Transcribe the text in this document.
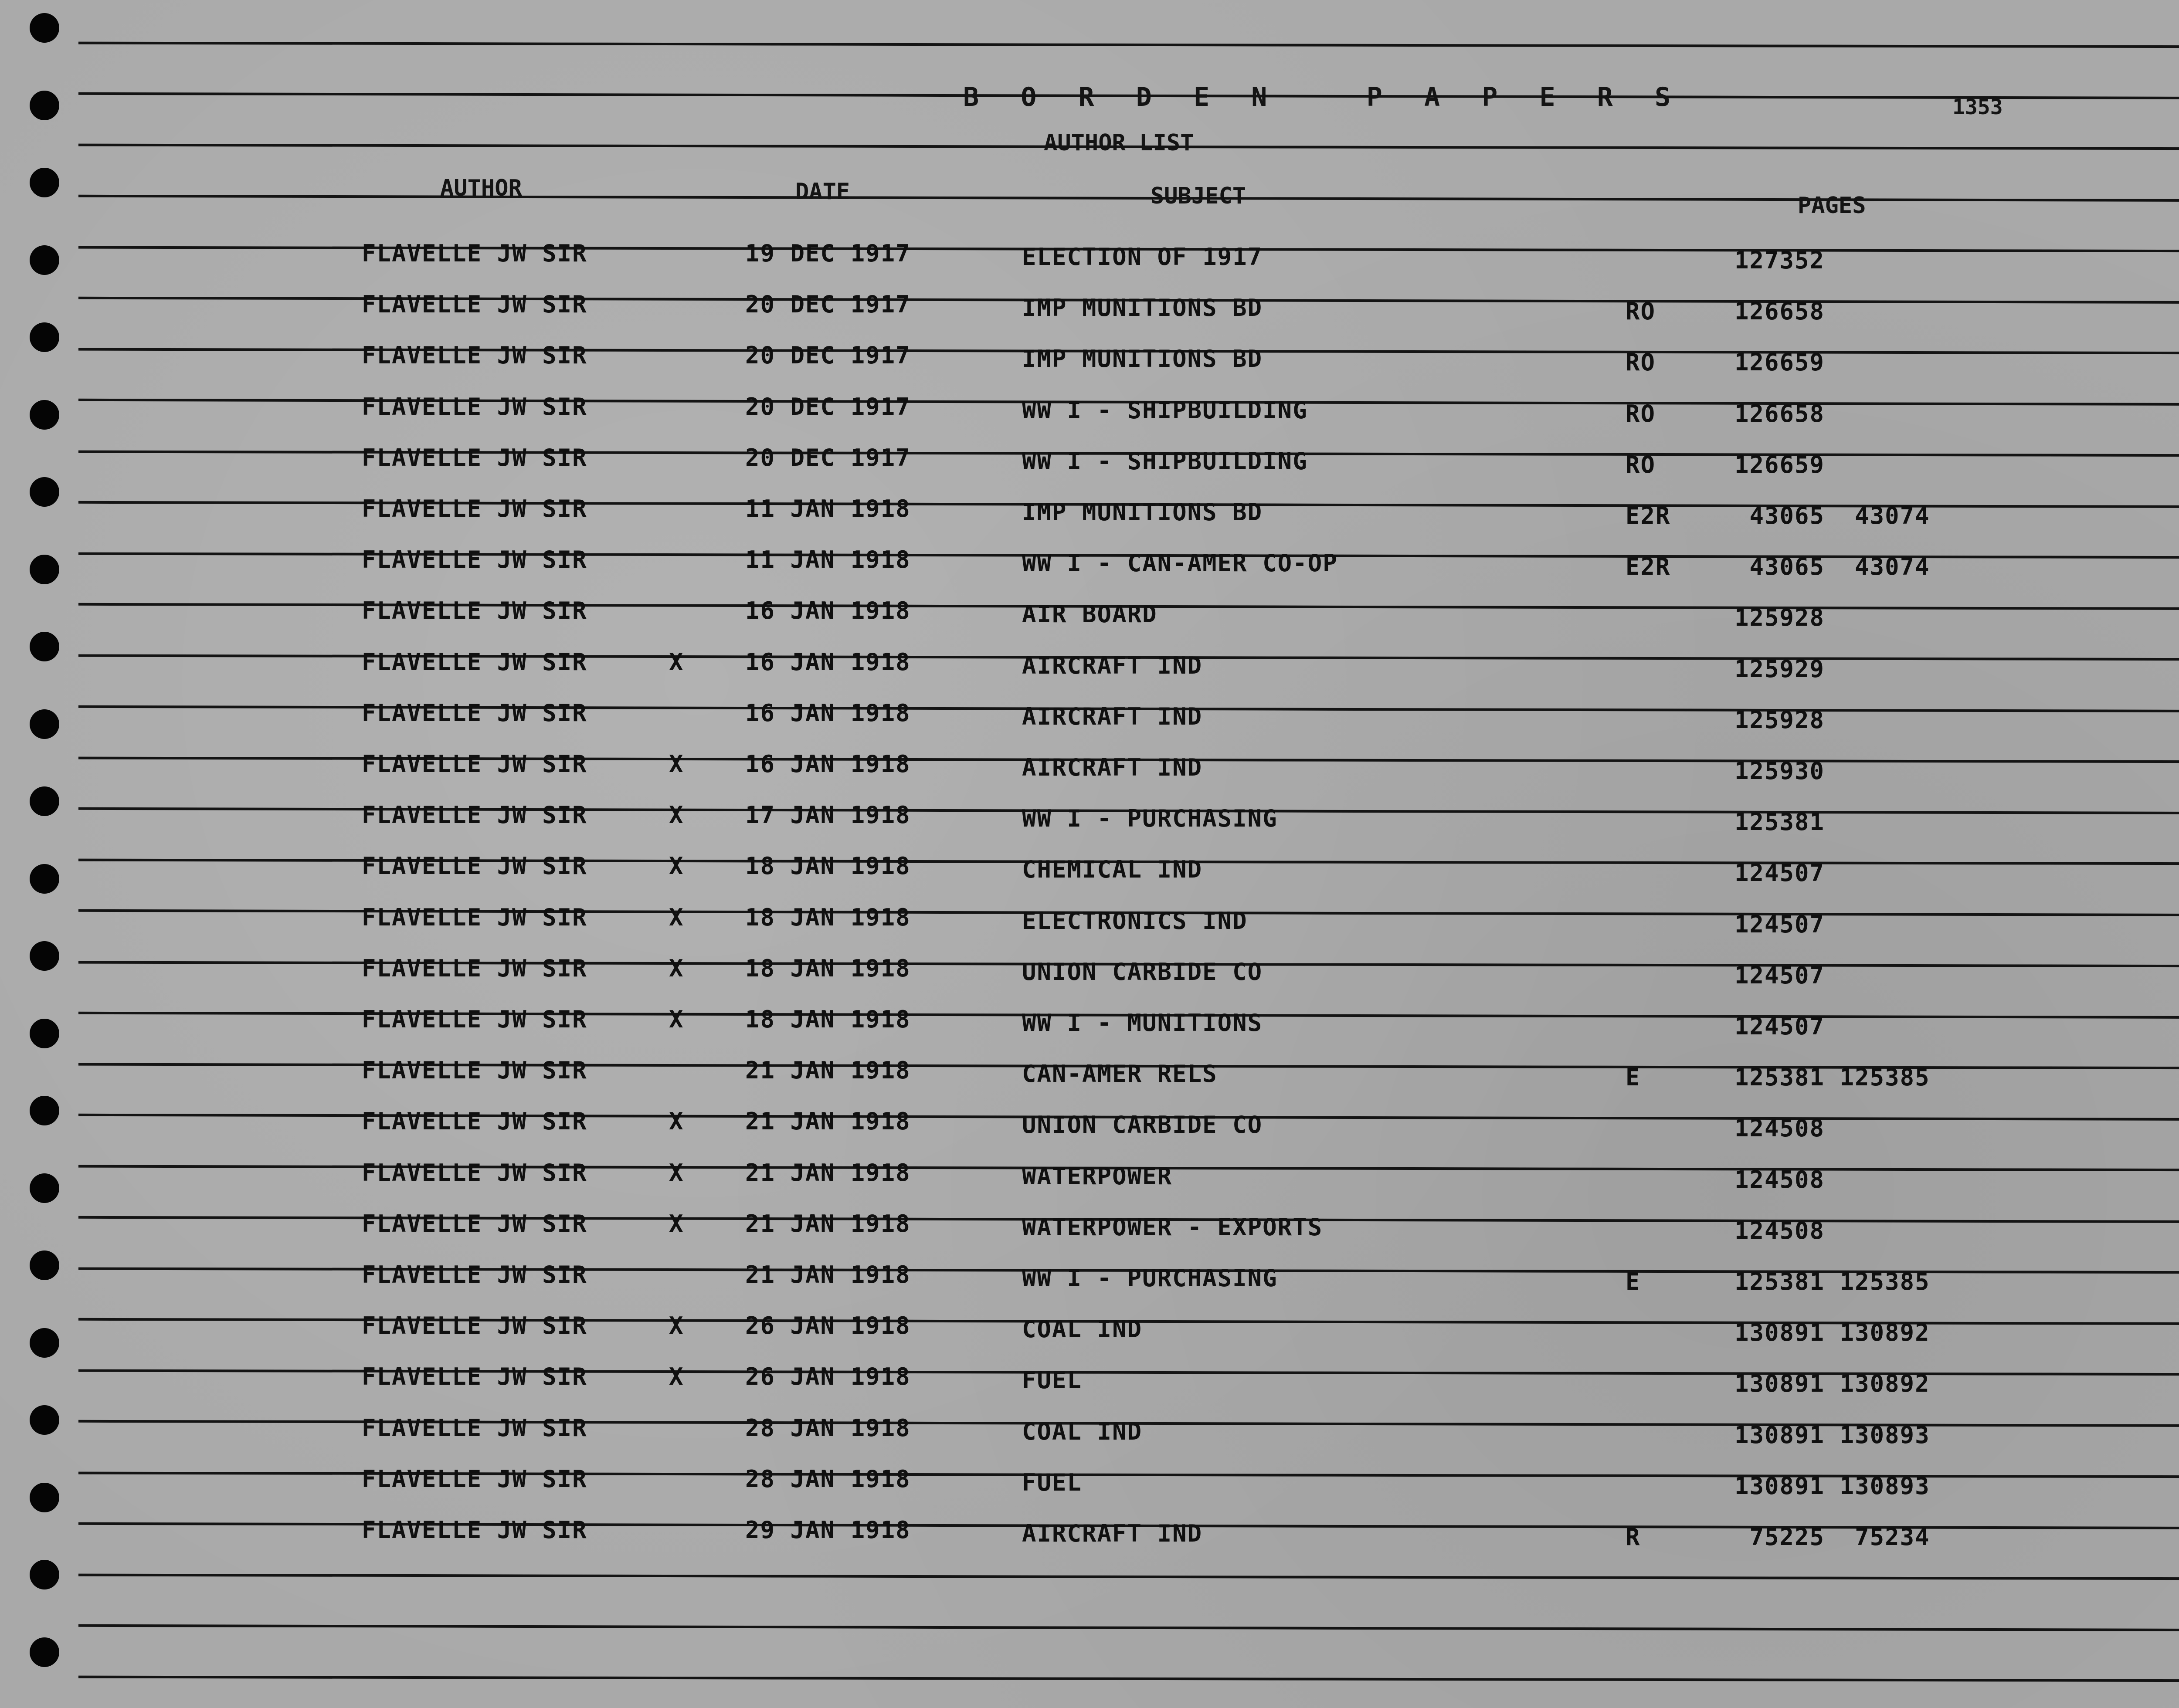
B O R D E N   P A P E R S	1353
AUTHOR LIST
AUTHOR	DATE	SUBJECT	PAGES
FLAVELLE JW SIR	19 DEC 1917	ELECTION OF 1917	127352
FLAVELLE JW SIR	20 DEC 1917	IMP MUNITIONS BD	RO	126658
FLAVELLE JW SIR	20 DEC 1917	IMP MUNITIONS BD	RO	126659
FLAVELLE JW SIR	20 DEC 1917	WW I - SHIPBUILDING	RO	126658
FLAVELLE JW SIR	20 DEC 1917	WW I - SHIPBUILDING	RO	126659
FLAVELLE JW SIR	11 JAN 1918	IMP MUNITIONS BD	E2R	43065  43074
FLAVELLE JW SIR	11 JAN 1918	WW I - CAN-AMER CO-OP	E2R	43065  43074
FLAVELLE JW SIR	16 JAN 1918	AIR BOARD	125928
FLAVELLE JW SIR	X	16 JAN 1918	AIRCRAFT IND	125929
FLAVELLE JW SIR	16 JAN 1918	AIRCRAFT IND	125928
FLAVELLE JW SIR	X	16 JAN 1918	AIRCRAFT IND	125930
FLAVELLE JW SIR	X	17 JAN 1918	WW I - PURCHASING	125381
FLAVELLE JW SIR	X	18 JAN 1918	CHEMICAL IND	124507
FLAVELLE JW SIR	X	18 JAN 1918	ELECTRONICS IND	124507
FLAVELLE JW SIR	X	18 JAN 1918	UNION CARBIDE CO	124507
FLAVELLE JW SIR	X	18 JAN 1918	WW I - MUNITIONS	124507
FLAVELLE JW SIR	21 JAN 1918	CAN-AMER RELS	E	125381 125385
FLAVELLE JW SIR	X	21 JAN 1918	UNION CARBIDE CO	124508
FLAVELLE JW SIR	X	21 JAN 1918	WATERPOWER	124508
FLAVELLE JW SIR	X	21 JAN 1918	WATERPOWER - EXPORTS	124508
FLAVELLE JW SIR	21 JAN 1918	WW I - PURCHASING	E	125381 125385
FLAVELLE JW SIR	X	26 JAN 1918	COAL IND	130891 130892
FLAVELLE JW SIR	X	26 JAN 1918	FUEL	130891 130892
FLAVELLE JW SIR	28 JAN 1918	COAL IND	130891 130893
FLAVELLE JW SIR	28 JAN 1918	FUEL	130891 130893
FLAVELLE JW SIR	29 JAN 1918	AIRCRAFT IND	R	75225  75234
